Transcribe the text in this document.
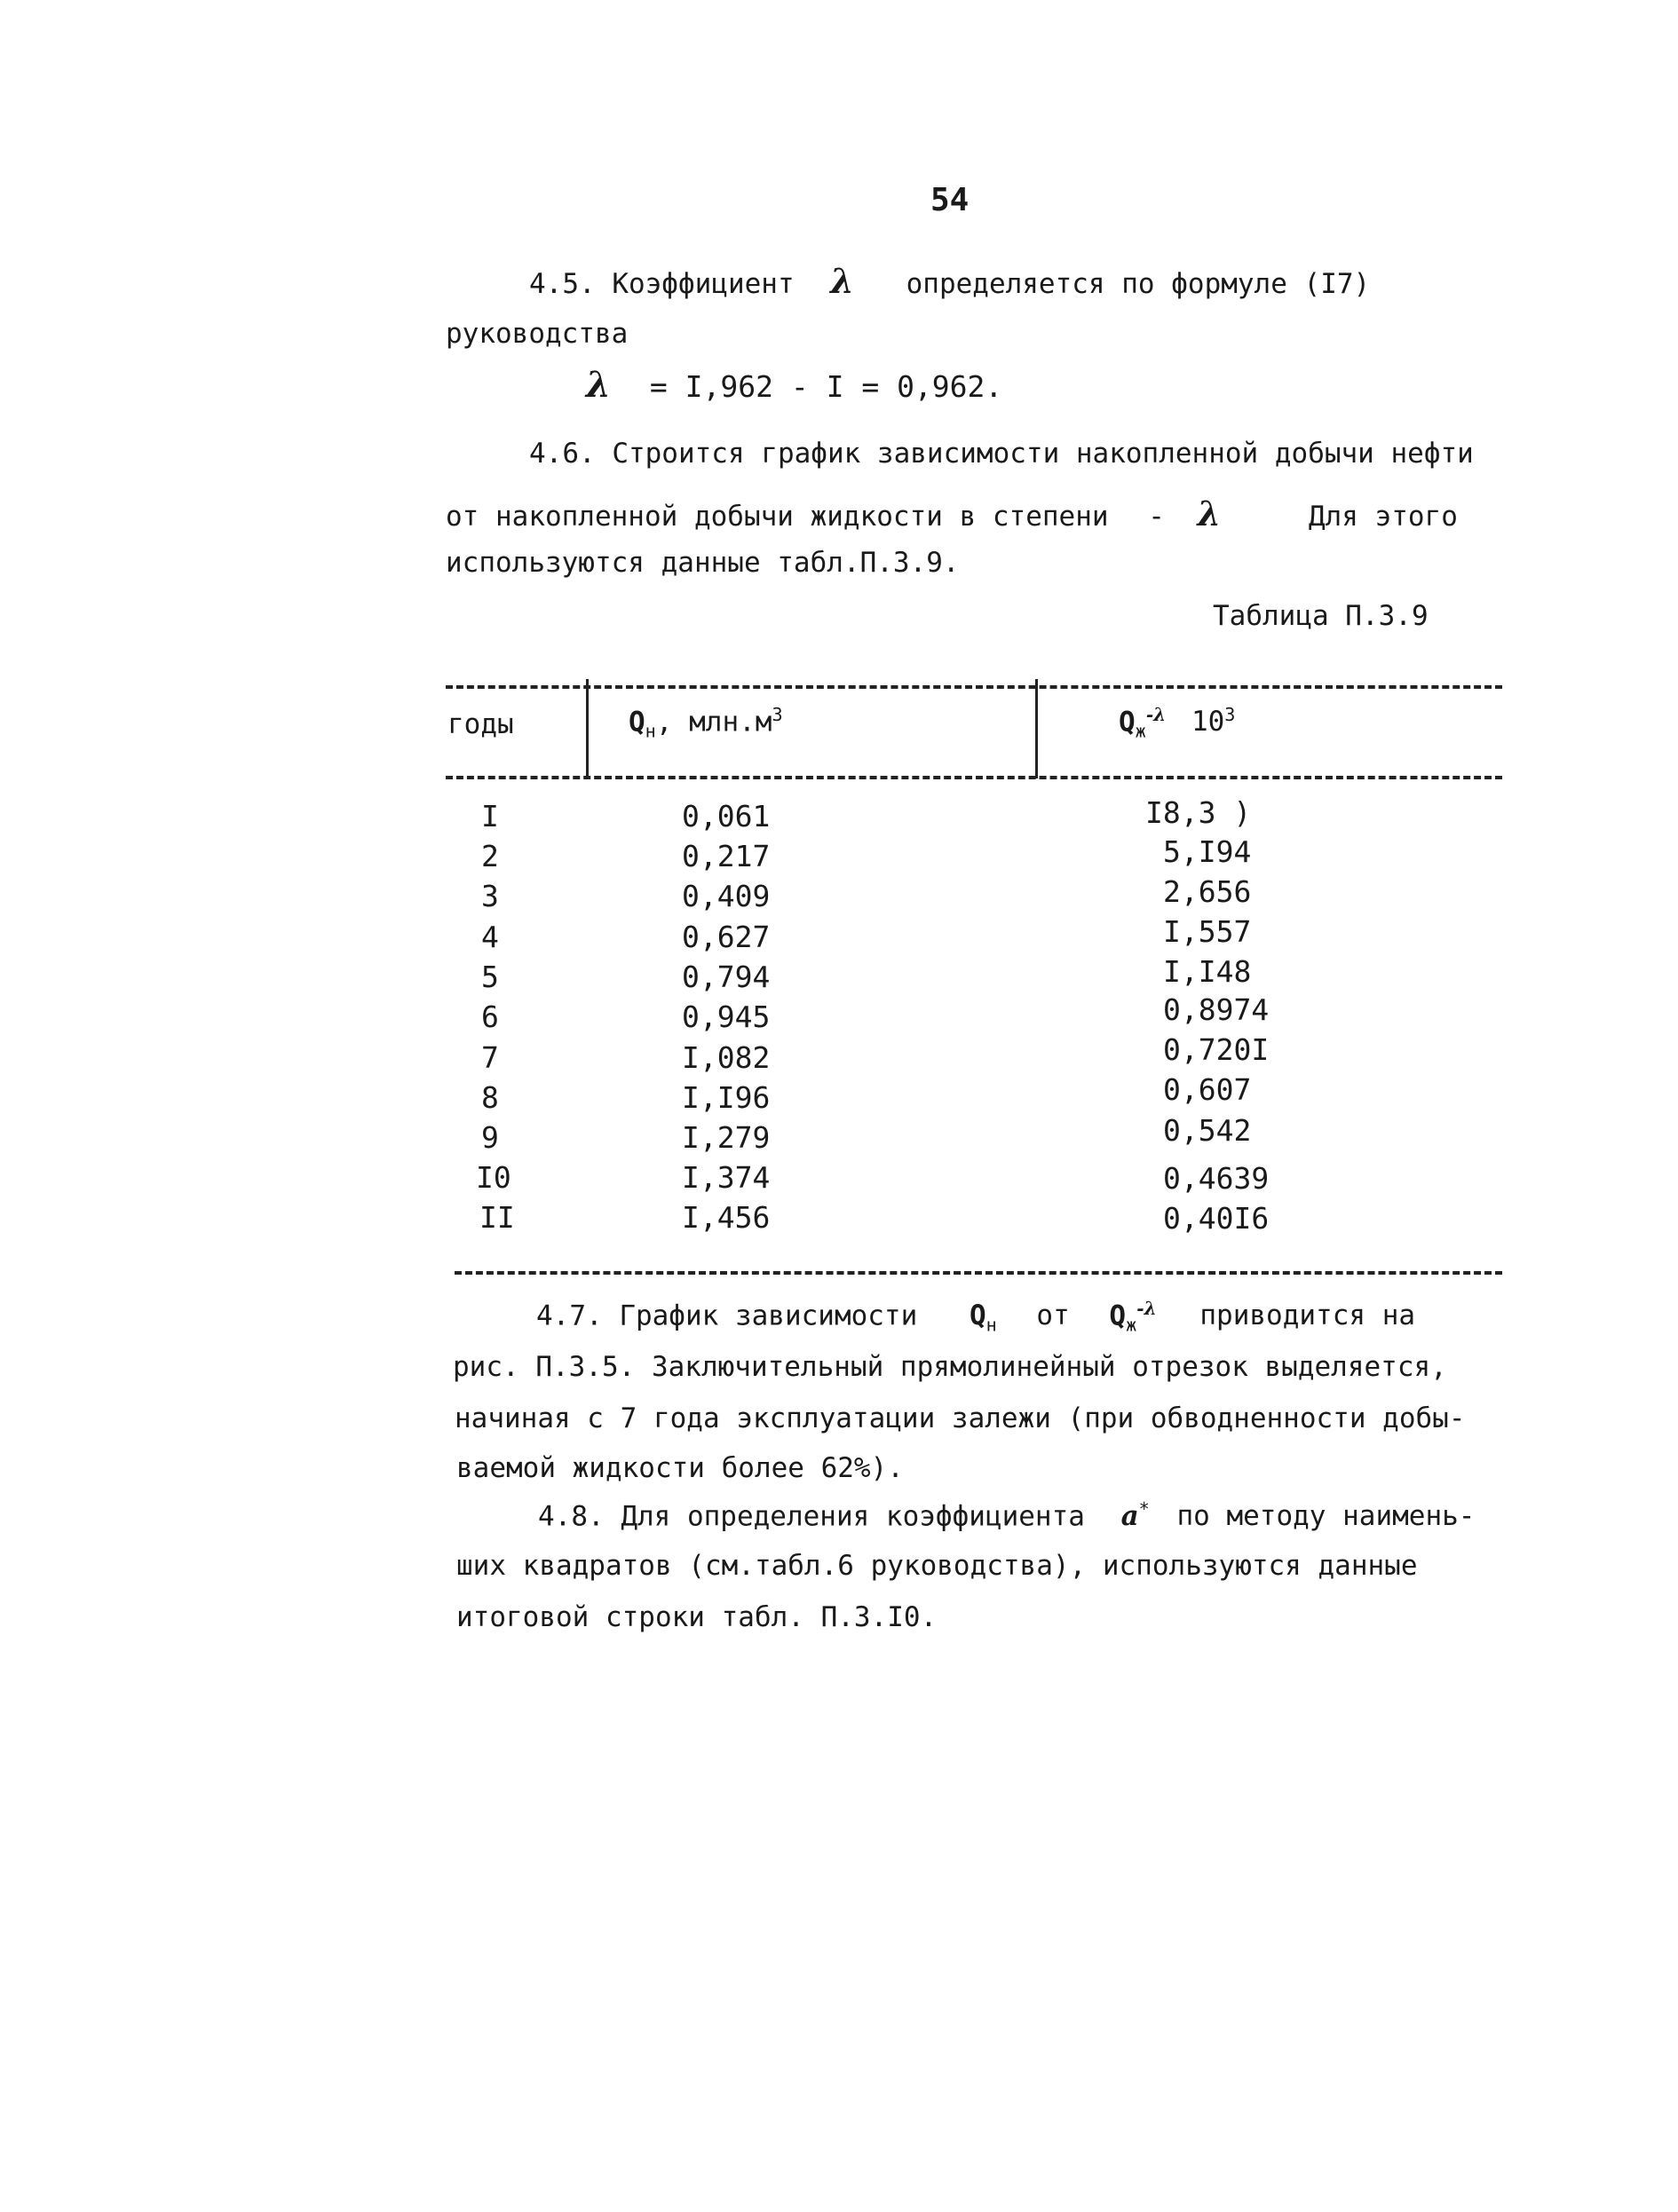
54
4.5. Коэффициент λ определяется по формуле (I7)
руководства
λ = I,962 - I = 0,962.
4.6. Строится график зависимости накопленной добычи нефти
от накопленной добычи жидкости в степени - λ	Для этого
используются данные табл.П.3.9.
Таблица П.3.9
годы	$Q_н$, $млн.м^3$	$Q_ж^{-\lambda}$ $10^3$
I	0,061	I8,3 )
2	0,217	5,I94
3	0,409	2,656
4	0,627	I,557
5	0,794	I,I48
6	0,945	0,8974
7	I,082	0,720I
8	I,I96	0,607
9	I,279	0,542
I0	I,374	0,4639
II	I,456	0,40I6
4.7. График зависимости $Q_н$ от $Q_ж^{-\lambda}$ приводится на
рис. П.3.5. Заключительный прямолинейный отрезок выделяется,
начиная с 7 года эксплуатации залежи (при обводненности добы-
ваемой жидкости более 62%).
4.8. Для определения коэффициента a* по методу наимень-
ших квадратов (см.табл.6 руководства), используются данные
итоговой строки табл. П.3.I0.
